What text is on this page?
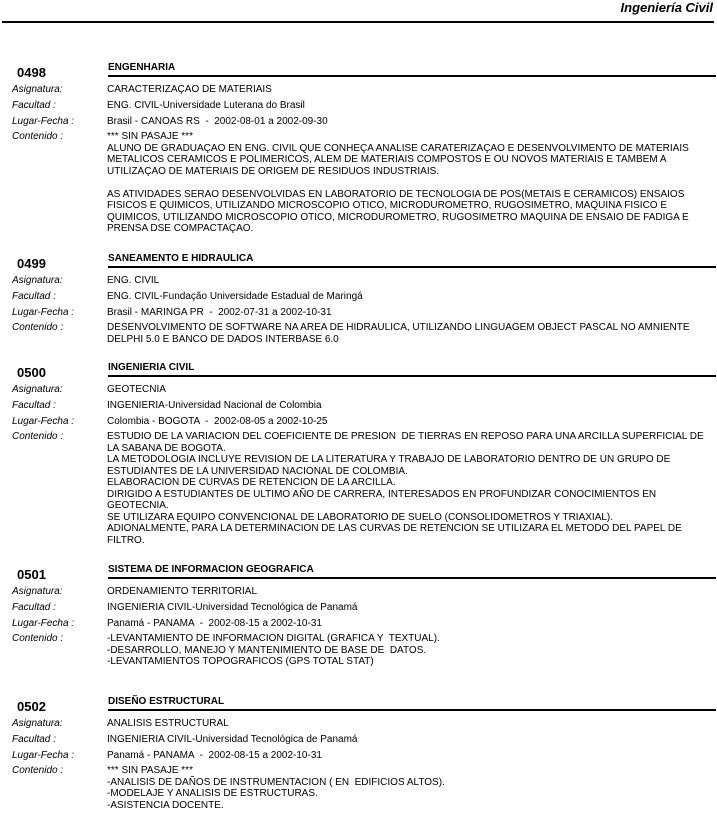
Ingeniería Civil
0498	ENGENHARIA
Asignatura:	CARACTERIZAÇAO DE MATERIAIS
Facultad :	ENG. CIVIL-Universidade Luterana do Brasil
Lugar-Fecha :	Brasil - CANOAS RS  -  2002-08-01 a 2002-09-30
Contenido :	*** SIN PASAJE ***
ALUNO DE GRADUAÇAO EN ENG. CIVIL QUE CONHEÇA ANALISE CARATERIZAÇAO E DESENVOLVIMENTO DE MATERIAIS METALICOS CERAMICOS E POLIMERICOS, ALEM DE MATERIAIS COMPOSTOS E OU NOVOS MATERIAIS E TAMBEM A UTILIZAÇAO DE MATERIAIS DE ORIGEM DE RESIDUOS INDUSTRIAIS.

AS ATIVIDADES SERAO DESENVOLVIDAS EN LABORATORIO DE TECNOLOGIA DE POS(METAIS E CERAMICOS) ENSAIOS FISICOS E QUIMICOS, UTILIZANDO MICROSCOPIO OTICO, MICRODUROMETRO, RUGOSIMETRO, MAQUINA FISICO E QUIMICOS, UTILIZANDO MICROSCOPIO OTICO, MICRODUROMETRO, RUGOSIMETRO MAQUINA DE ENSAIO DE FADIGA E PRENSA DSE COMPACTAÇAO.
0499	SANEAMENTO E HIDRAULICA
Asignatura:	ENG. CIVIL
Facultad :	ENG. CIVIL-Fundação Universidade Estadual de Maringá
Lugar-Fecha :	Brasil - MARINGA PR  -  2002-07-31 a 2002-10-31
Contenido :	DESENVOLVIMENTO DE SOFTWARE NA AREA DE HIDRAULICA, UTILIZANDO LINGUAGEM OBJECT PASCAL NO AMNIENTE DELPHI 5.0 E BANCO DE DADOS INTERBASE 6.0
0500	INGENIERIA CIVIL
Asignatura:	GEOTECNIA
Facultad :	INGENIERIA-Universidad Nacional de Colombia
Lugar-Fecha :	Colombia - BOGOTA  -  2002-08-05 a 2002-10-25
Contenido :	ESTUDIO DE LA VARIACION DEL COEFICIENTE DE PRESION  DE TIERRAS EN REPOSO PARA UNA ARCILLA SUPERFICIAL DE LA SABANA DE BOGOTA.
LA METODOLOGIA INCLUYE REVISION DE LA LITERATURA Y TRABAJO DE LABORATORIO DENTRO DE UN GRUPO DE ESTUDIANTES DE LA UNIVERSIDAD NACIONAL DE COLOMBIA.
ELABORACION DE CURVAS DE RETENCION DE LA ARCILLA.
DIRIGIDO A ESTUDIANTES DE ULTIMO AÑO DE CARRERA, INTERESADOS EN PROFUNDIZAR CONOCIMIENTOS EN GEOTECNIA.
SE UTILIZARA EQUIPO CONVENCIONAL DE LABORATORIO DE SUELO (CONSOLIDOMETROS Y TRIAXIAL).
ADIONALMENTE, PARA LA DETERMINACION DE LAS CURVAS DE RETENCION SE UTILIZARA EL METODO DEL PAPEL DE FILTRO.
0501	SISTEMA DE INFORMACION GEOGRAFICA
Asignatura:	ORDENAMIENTO TERRITORIAL
Facultad :	INGENIERIA CIVIL-Universidad Tecnológica de Panamá
Lugar-Fecha :	Panamá - PANAMA  -  2002-08-15 a 2002-10-31
Contenido :	-LEVANTAMIENTO DE INFORMACION DIGITAL (GRAFICA Y  TEXTUAL).
-DESARROLLO, MANEJO Y MANTENIMIENTO DE BASE DE  DATOS.
-LEVANTAMIENTOS TOPOGRAFICOS (GPS TOTAL STAT)
0502	DISEÑO ESTRUCTURAL
Asignatura:	ANALISIS ESTRUCTURAL
Facultad :	INGENIERIA CIVIL-Universidad Tecnológica de Panamá
Lugar-Fecha :	Panamá - PANAMA  -  2002-08-15 a 2002-10-31
Contenido :	*** SIN PASAJE ***
-ANALISIS DE DAÑOS DE INSTRUMENTACION ( EN  EDIFICIOS ALTOS).
-MODELAJE Y ANALISIS DE ESTRUCTURAS.
-ASISTENCIA DOCENTE.
